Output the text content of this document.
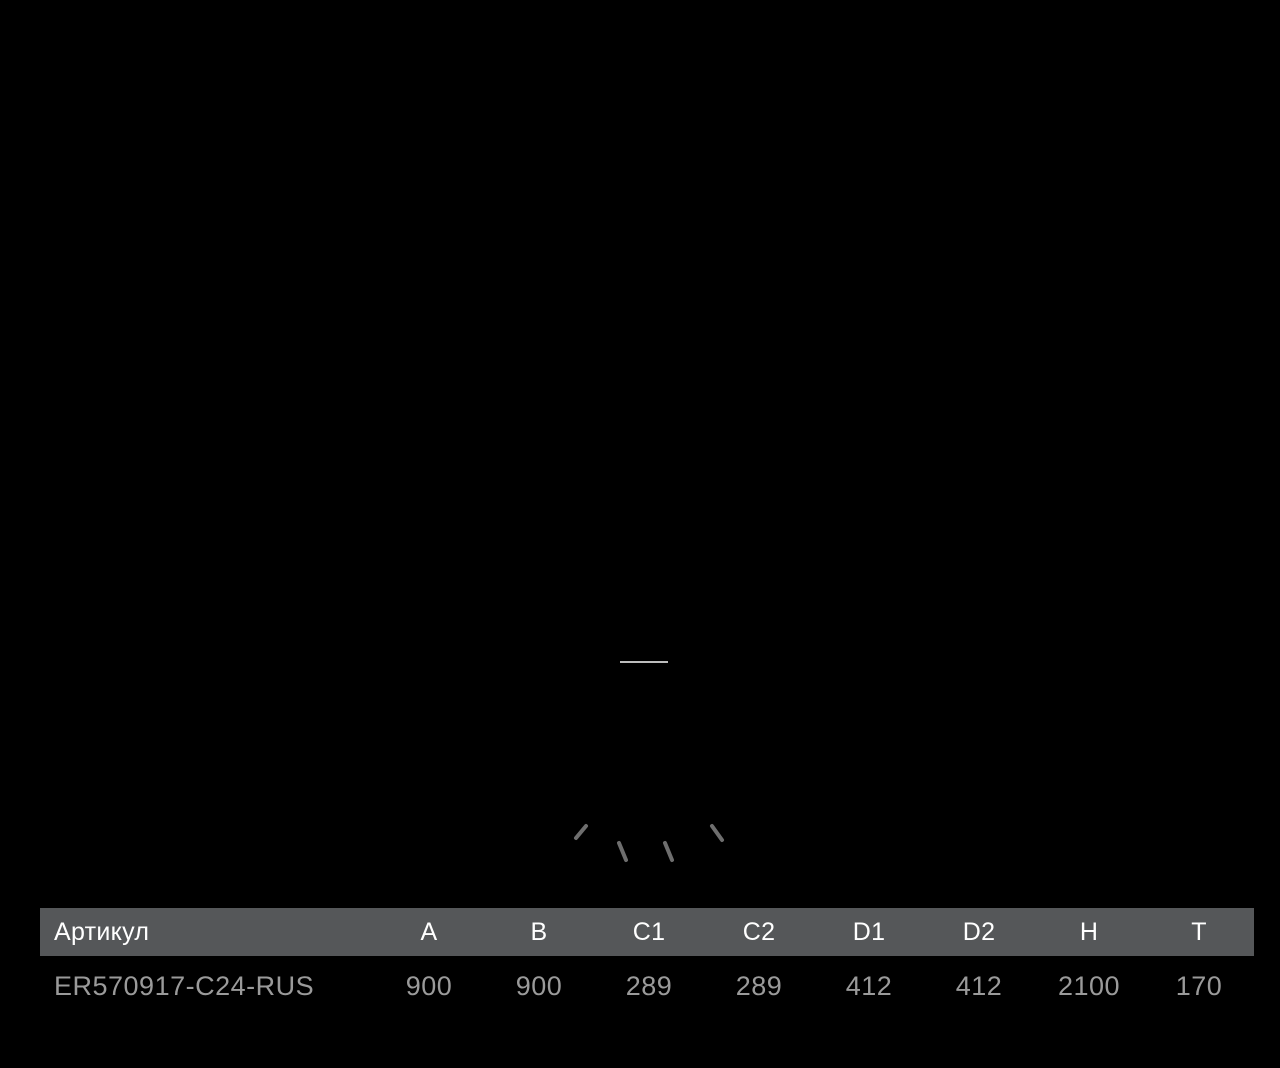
Артикул	A	B	C1	C2	D1	D2	H	T
ER570917-C24-RUS	900	900	289	289	412	412	2100	170
